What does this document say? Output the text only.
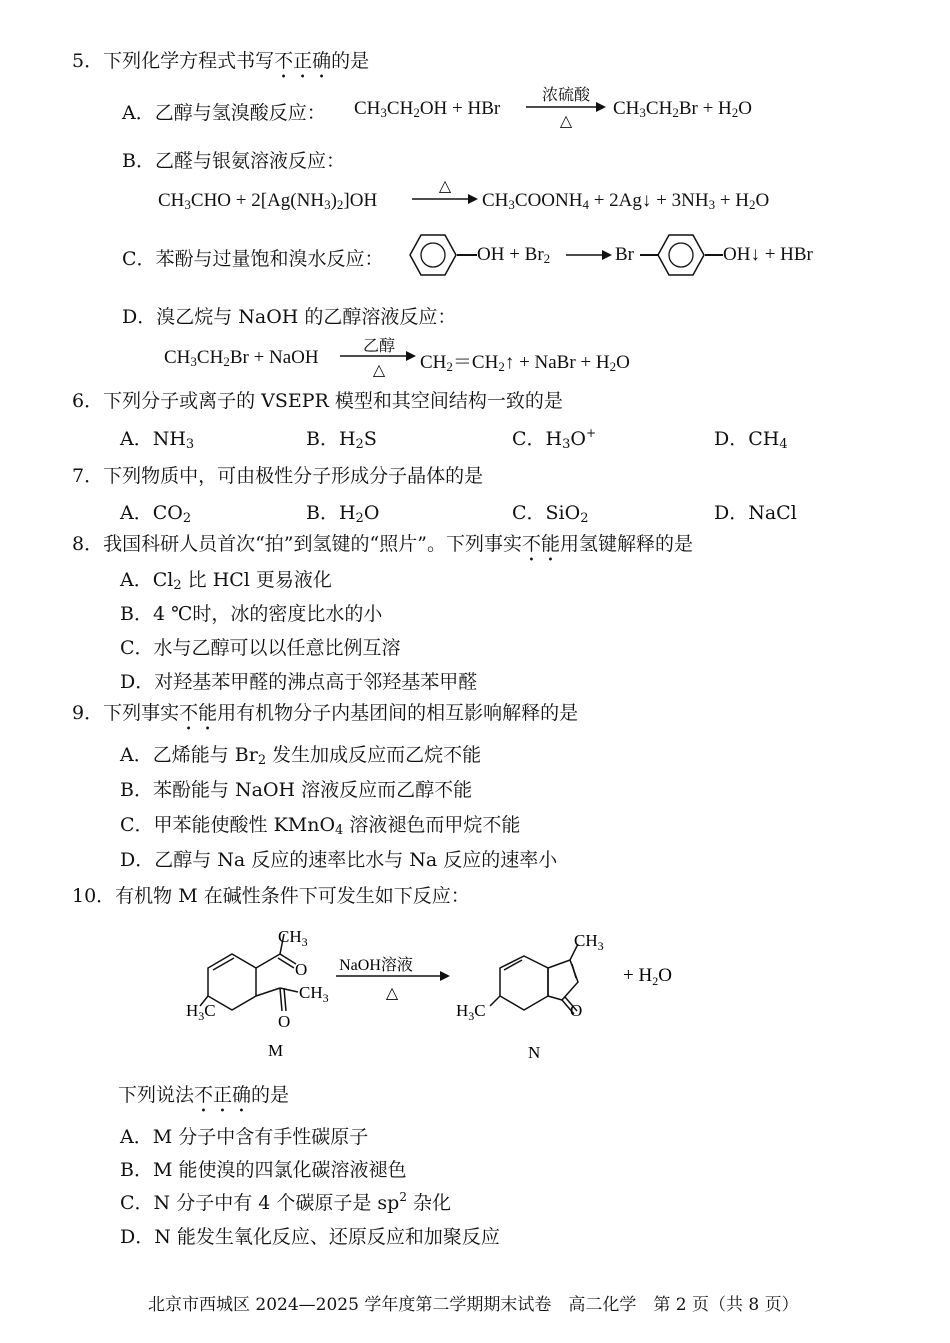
5．下列化学方程式书写不正确的是
A．乙醇与氢溴酸反应： $CH_3CH_2OH$ + HBr
浓硫酸
△
$CH_3CH_2Br + H_2O$
B．乙醛与银氨溶液反应：
$CH_3CHO + 2[Ag(NH_3)_2]OH$
△
$CH_3COONH_4$ + 2Ag↓ + $3NH_3 + H_2O$
C．苯酚与过量饱和溴水反应：	OH + $Br_2 \to Br$	OH↓ + HBr
D．溴乙烷与 NaOH 的乙醇溶液反应：
$CH_3CH_2Br$ + NaOH
乙醇
△	$CH_2=CH_2↑$ + NaBr + $H_2O$
6．下列分子或离子的 VSEPR 模型和其空间结构一致的是
A．$NH_3$	B．$H_2S$	C．$H_3O^+$	D．$CH_4$
7．下列物质中，可由极性分子形成分子晶体的是
A．$CO_2$	B．$H_2O$	C．SiO$_2$	D．NaCl
8．我国科研人员首次“拍”到氢键的“照片”。下列事实不能用氢键解释的是
A．$Cl_2$ 比 HCl 更易液化
B．4 ℃时，冰的密度比水的小
C．水与乙醇可以以任意比例互溶
D．对羟基苯甲醛的沸点高于邻羟基苯甲醛
9．下列事实不能用有机物分子内基团间的相互影响解释的是
A．乙烯能与 $Br_2$ 发生加成反应而乙烷不能
B．苯酚能与 NaOH 溶液反应而乙醇不能
C．甲苯能使酸性 KMnO$_4$ 溶液褪色而甲烷不能
D．乙醇与 Na 反应的速率比水与 Na 反应的速率小
10．有机物 M 在碱性条件下可发生如下反应：
$CH_3$
O
$CH_3$
O
$H_3C$
M
NaOH溶液
△
$CH_3$
$H_3C$	O
N
+ $H_2O$
下列说法不正确的是
A．M 分子中含有手性碳原子
B．M 能使溴的四氯化碳溶液褪色
C．N 分子中有 4 个碳原子是 $sp^2$ 杂化
D．N 能发生氧化反应、还原反应和加聚反应
北京市西城区 2024—2025 学年度第二学期期末试卷　高二化学　第 2 页（共 8 页）
